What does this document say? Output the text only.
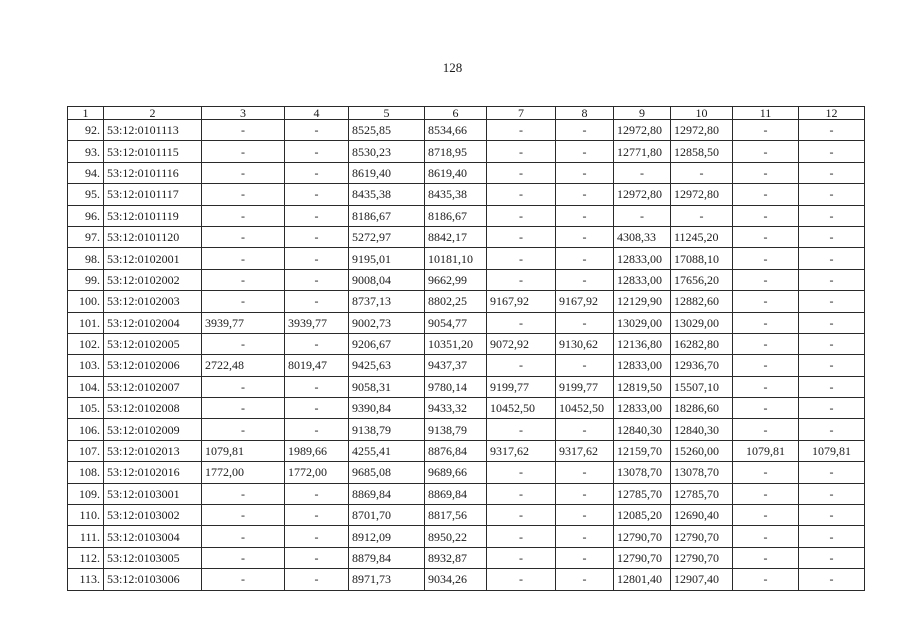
128
1	2	3	4	5	6	7	8	9	10	11	12
92.	53:12:0101113	-	-	8525,85	8534,66	-	-	12972,80	12972,80	-	-
93.	53:12:0101115	-	-	8530,23	8718,95	-	-	12771,80	12858,50	-	-
94.	53:12:0101116	-	-	8619,40	8619,40	-	-	-	-	-	-
95.	53:12:0101117	-	-	8435,38	8435,38	-	-	12972,80	12972,80	-	-
96.	53:12:0101119	-	-	8186,67	8186,67	-	-	-	-	-	-
97.	53:12:0101120	-	-	5272,97	8842,17	-	-	4308,33	11245,20	-	-
98.	53:12:0102001	-	-	9195,01	10181,10	-	-	12833,00	17088,10	-	-
99.	53:12:0102002	-	-	9008,04	9662,99	-	-	12833,00	17656,20	-	-
100.	53:12:0102003	-	-	8737,13	8802,25	9167,92	9167,92	12129,90	12882,60	-	-
101.	53:12:0102004	3939,77	3939,77	9002,73	9054,77	-	-	13029,00	13029,00	-	-
102.	53:12:0102005	-	-	9206,67	10351,20	9072,92	9130,62	12136,80	16282,80	-	-
103.	53:12:0102006	2722,48	8019,47	9425,63	9437,37	-	-	12833,00	12936,70	-	-
104.	53:12:0102007	-	-	9058,31	9780,14	9199,77	9199,77	12819,50	15507,10	-	-
105.	53:12:0102008	-	-	9390,84	9433,32	10452,50	10452,50	12833,00	18286,60	-	-
106.	53:12:0102009	-	-	9138,79	9138,79	-	-	12840,30	12840,30	-	-
107.	53:12:0102013	1079,81	1989,66	4255,41	8876,84	9317,62	9317,62	12159,70	15260,00	1079,81	1079,81
108.	53:12:0102016	1772,00	1772,00	9685,08	9689,66	-	-	13078,70	13078,70	-	-
109.	53:12:0103001	-	-	8869,84	8869,84	-	-	12785,70	12785,70	-	-
110.	53:12:0103002	-	-	8701,70	8817,56	-	-	12085,20	12690,40	-	-
111.	53:12:0103004	-	-	8912,09	8950,22	-	-	12790,70	12790,70	-	-
112.	53:12:0103005	-	-	8879,84	8932,87	-	-	12790,70	12790,70	-	-
113.	53:12:0103006	-	-	8971,73	9034,26	-	-	12801,40	12907,40	-	-
